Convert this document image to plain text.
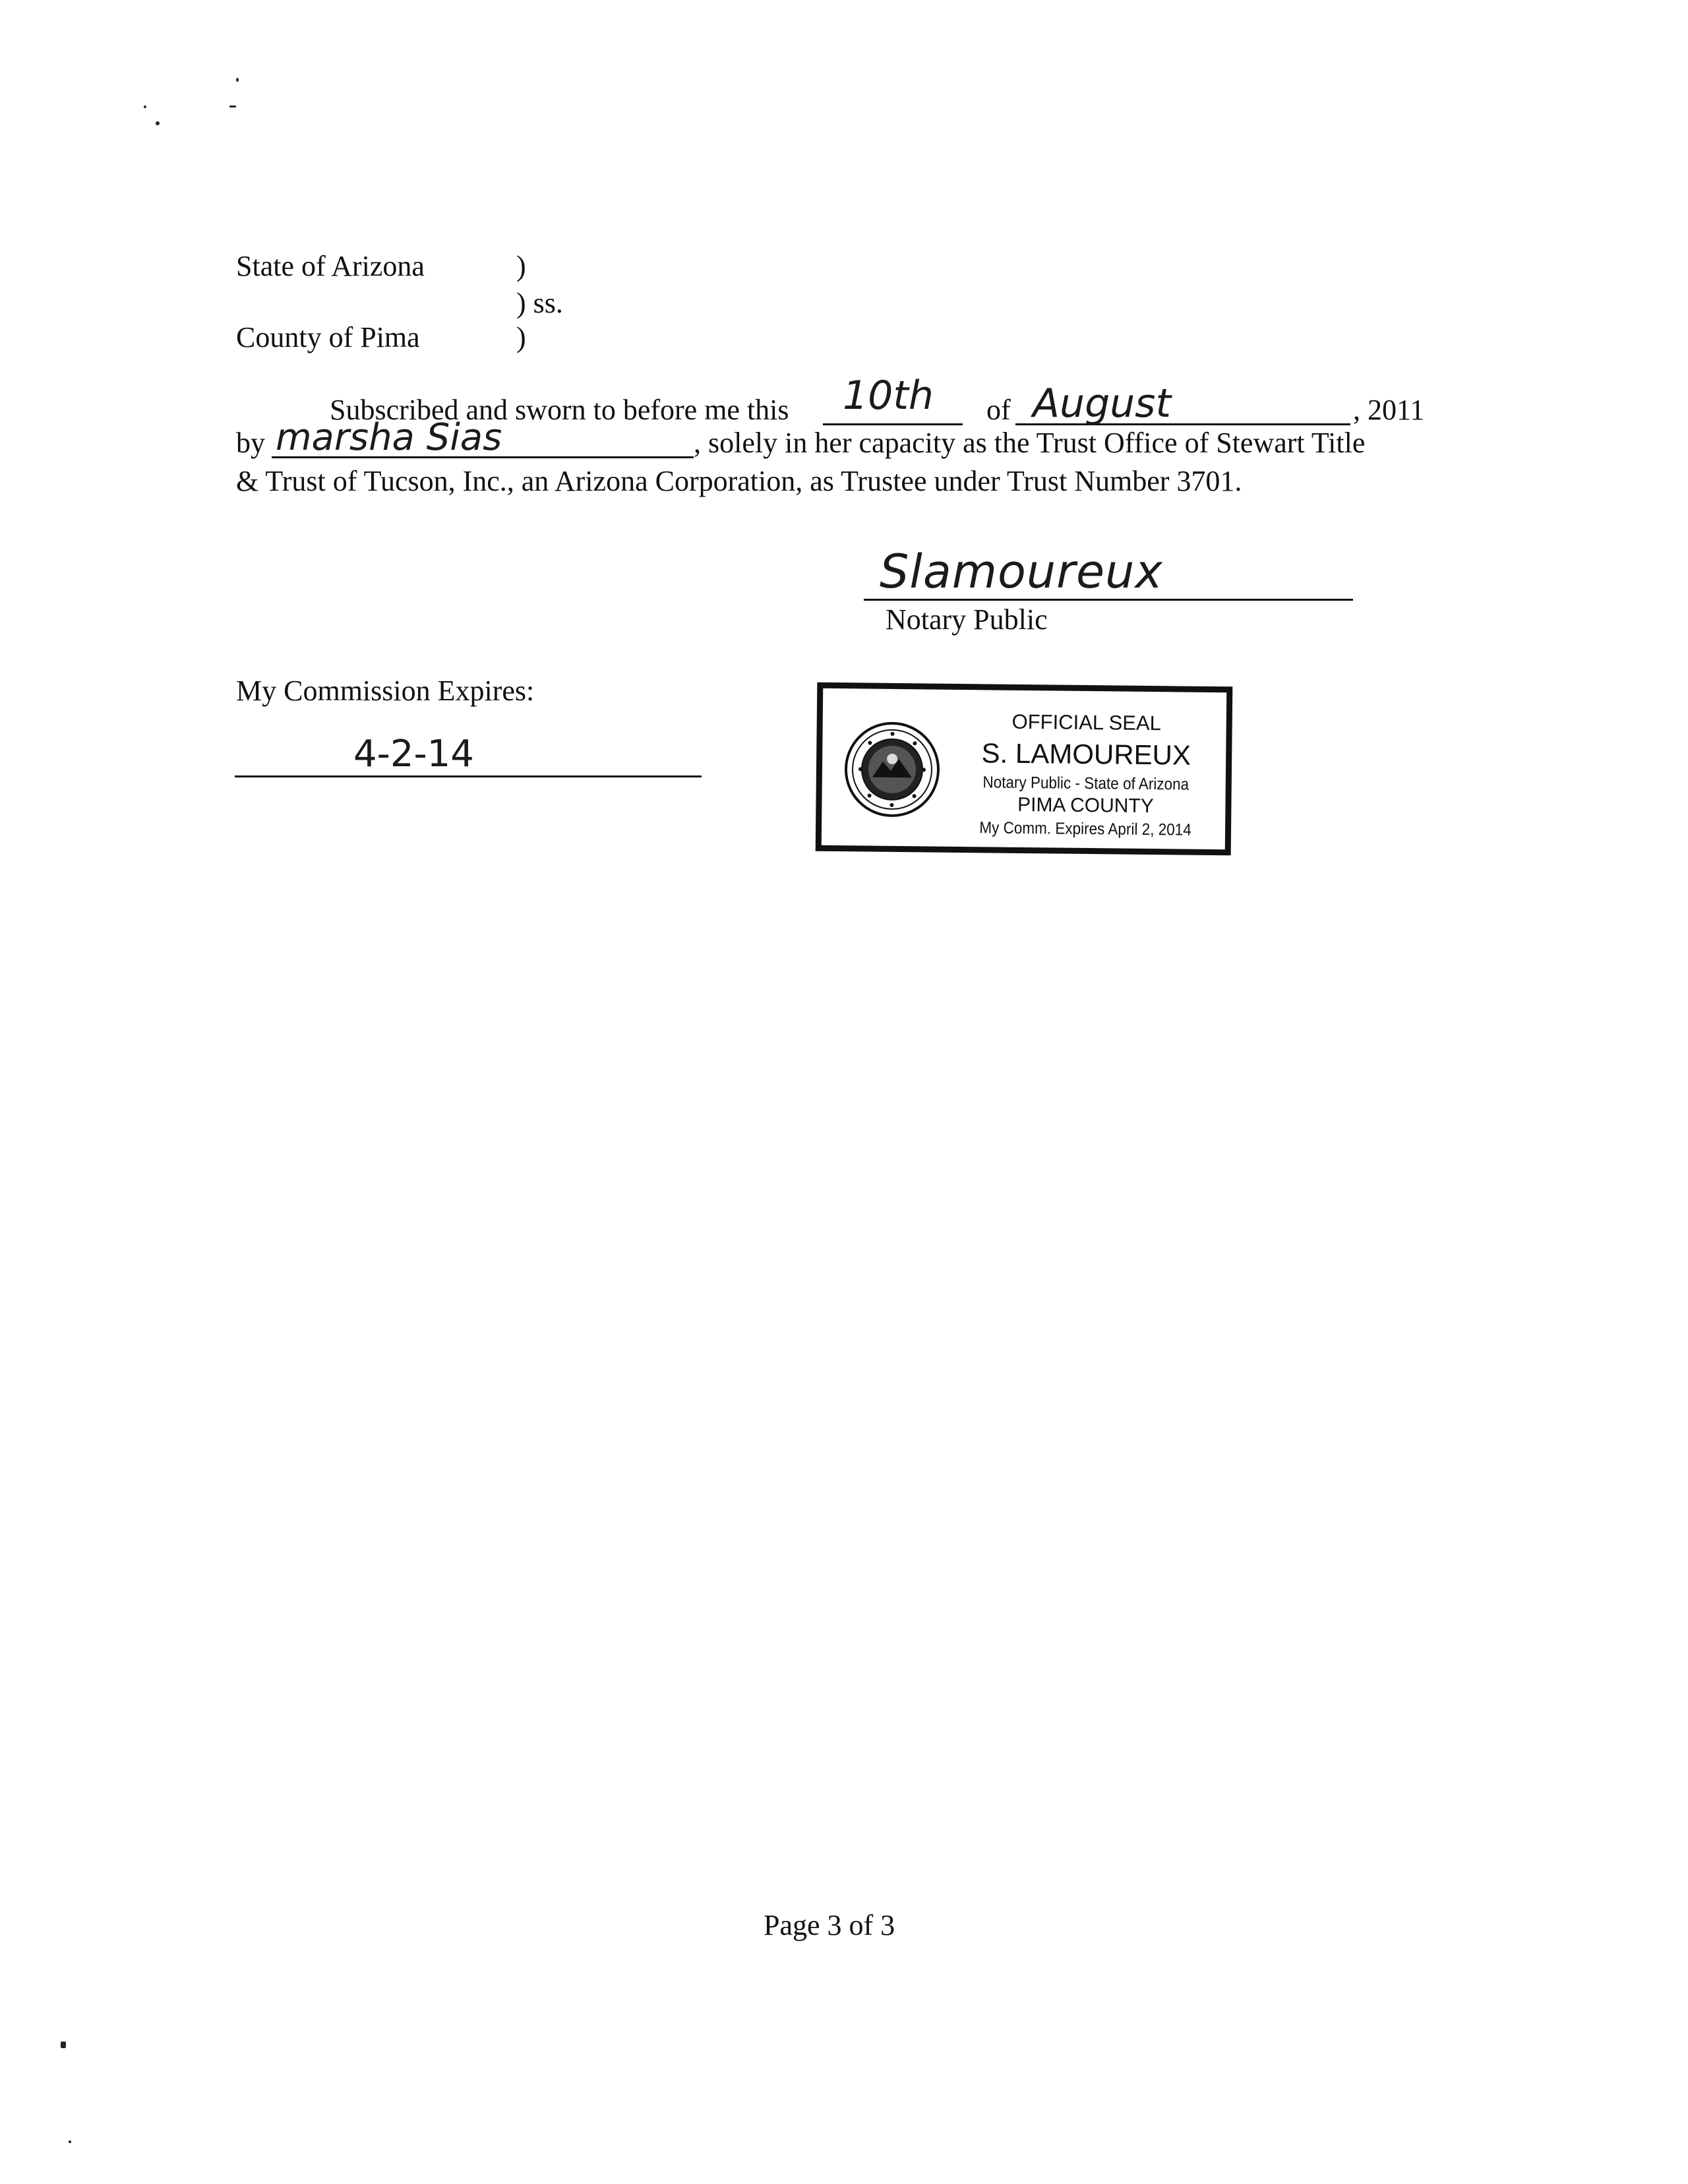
State of Arizona	)
) ss.
County of Pima	)
Subscribed and sworn to before me this 10th of August	, 2011
by marsha Sias	, solely in her capacity as the Trust Office of Stewart Title
& Trust of Tucson, Inc., an Arizona Corporation, as Trustee under Trust Number 3701.
Slamoureux
Notary Public
My Commission Expires:
4-2-14
OFFICIAL SEAL
S. LAMOUREUX
Notary Public - State of Arizona
PIMA COUNTY
My Comm. Expires April 2, 2014
Page 3 of 3
